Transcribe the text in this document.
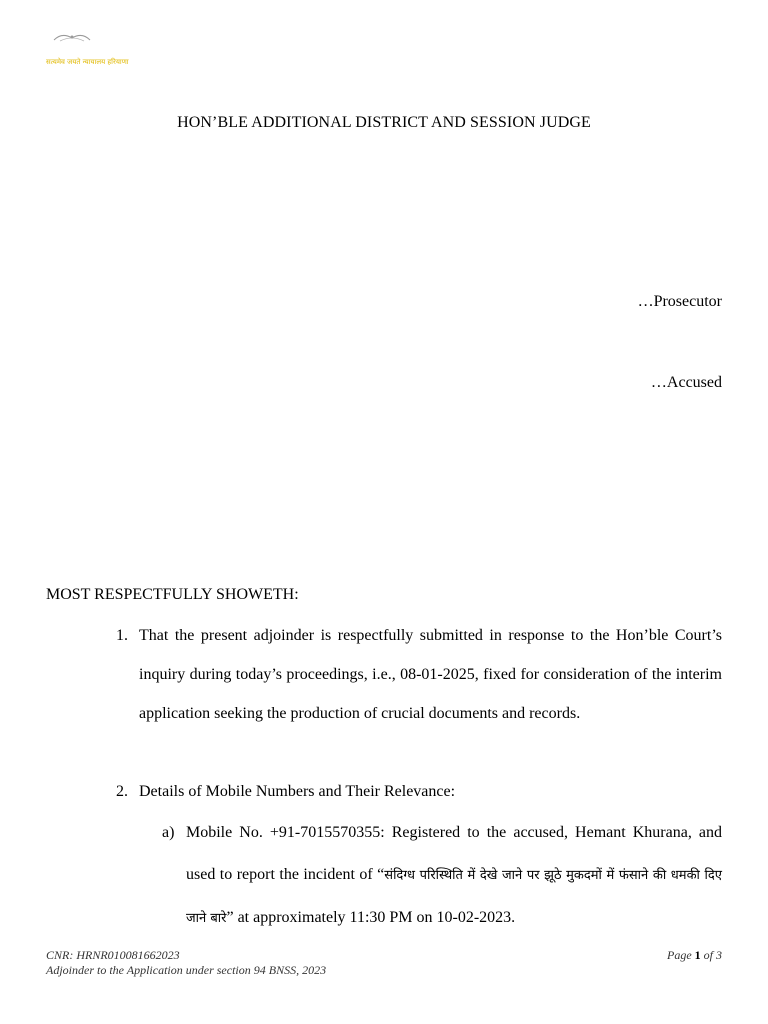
सत्यमेव जयते न्यायालय हरियाणा
HON’BLE ADDITIONAL DISTRICT AND SESSION JUDGE
…Prosecutor
…Accused
MOST RESPECTFULLY SHOWETH:
1. That the present adjoinder is respectfully submitted in response to the Hon’ble Court’s inquiry during today’s proceedings, i.e., 08-01-2025, fixed for consideration of the interim application seeking the production of crucial documents and records.
2. Details of Mobile Numbers and Their Relevance:
a) Mobile No. +91-7015570355: Registered to the accused, Hemant Khurana, and used to report the incident of “संदिग्ध परिस्थिति में देखे जाने पर झूठे मुकदमों में फंसाने की धमकी दिए जाने बारे” at approximately 11:30 PM on 10-02-2023.
CNR: HRNR010081662023	Page 1 of 3
Adjoinder to the Application under section 94 BNSS, 2023
